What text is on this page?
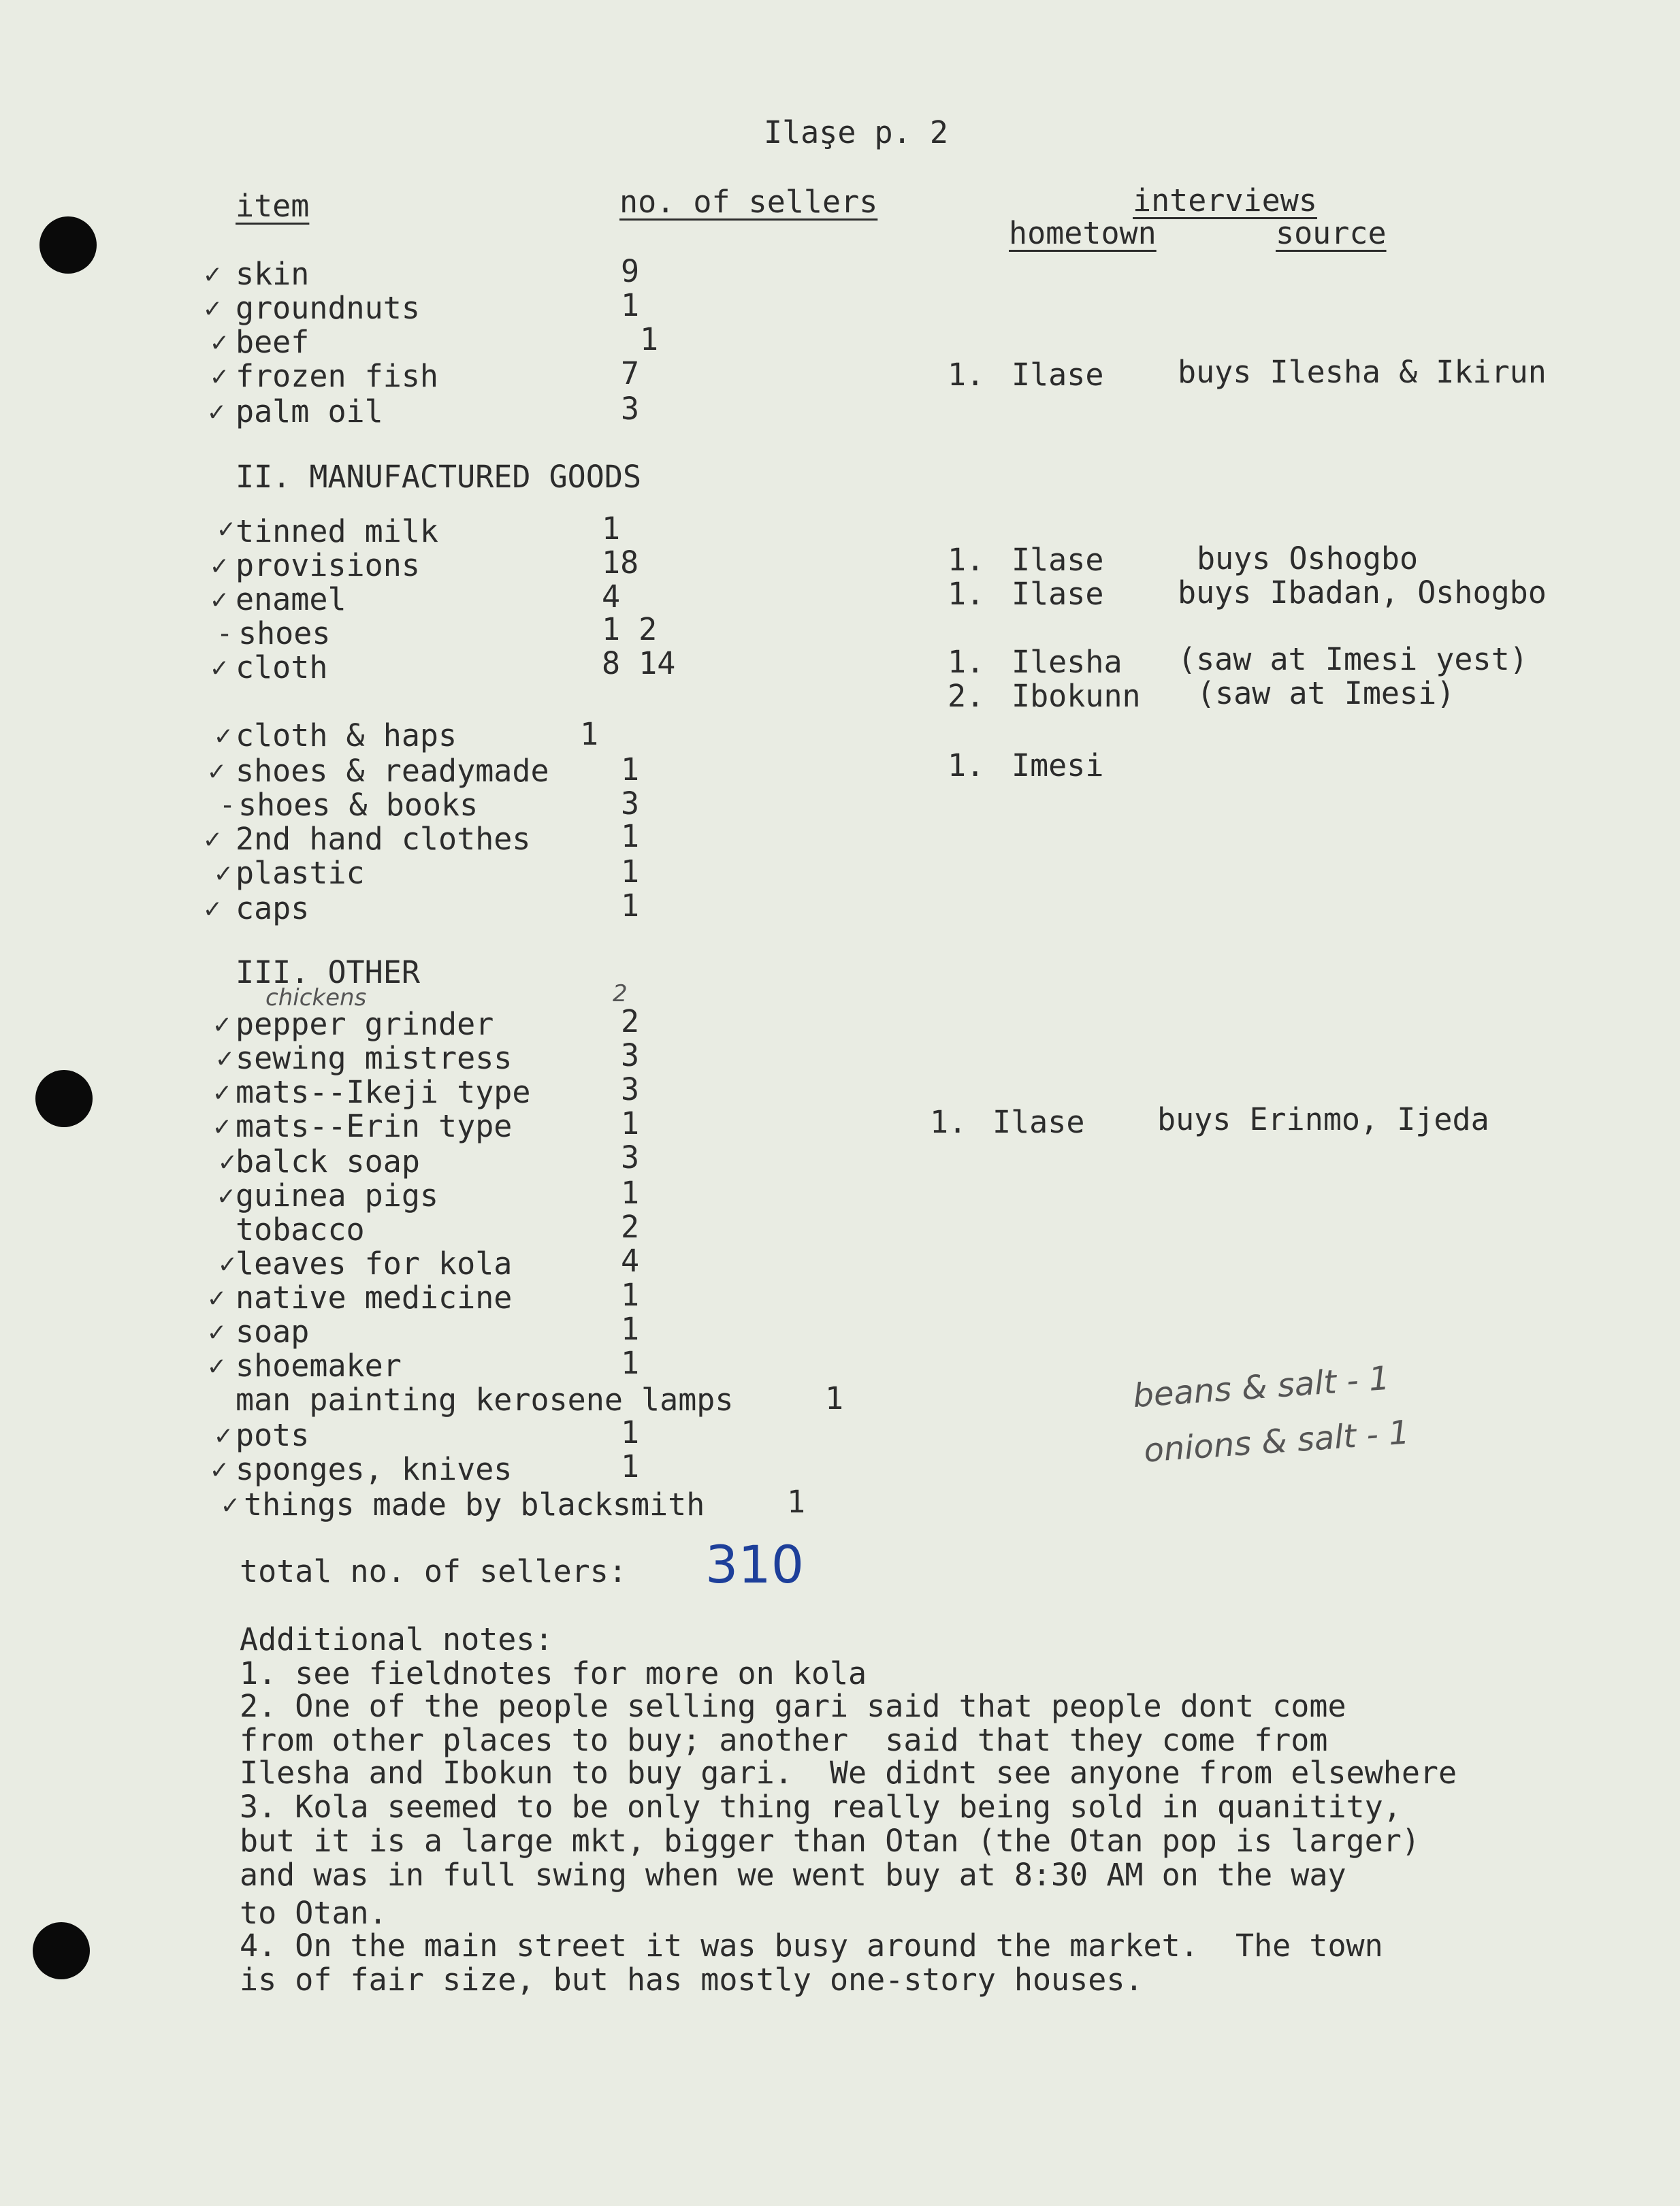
Ilaşe p. 2
item	no. of sellers	interviews
hometown	source
✓ skin	9
✓ groundnuts	1
✓ beef	1
✓ frozen fish	7
✓ palm oil	3
II. MANUFACTURED GOODS
✓ tinned milk	1
✓ provisions	18
✓ enamel	4
- shoes	1 2
✓ cloth	8 14
✓ cloth & haps	1
✓ shoes & readymade 1
- shoes & books	3
✓ 2nd hand clothes	1
✓ plastic	1
✓ caps	1
III. OTHER
chickens	2
✓ pepper grinder	2
✓ sewing mistress	3
✓ mats--Ikeji type	3
✓ mats--Erin type	1
✓ balck soap	3
✓ guinea pigs	1
tobacco	2
✓ leaves for kola	4
✓ native medicine	1
✓ soap	1
✓ shoemaker	1
man painting kerosene lamps	1
✓ pots	1
✓ sponges, knives	1
✓ things made by blacksmith	1
1. Ilase buys Ilesha & Ikirun
1. Ilase	buys Oshogbo
1. Ilase buys Ibadan, Oshogbo
1. Ilesha (saw at Imesi yest)
2. Ibokunn (saw at Imesi)
1. Imesi
1. Ilase buys Erinmo, Ijeda
beans & salt - 1
onions & salt - 1
total no. of sellers: 310
Additional notes:
1. see fieldnotes for more on kola
2. One of the people selling gari said that people dont come
from other places to buy; another  said that they come from
Ilesha and Ibokun to buy gari.  We didnt see anyone from elsewhere
3. Kola seemed to be only thing really being sold in quanitity,
but it is a large mkt, bigger than Otan (the Otan pop is larger)
and was in full swing when we went buy at 8:30 AM on the way
to Otan.
4. On the main street it was busy around the market.  The town
is of fair size, but has mostly one-story houses.
